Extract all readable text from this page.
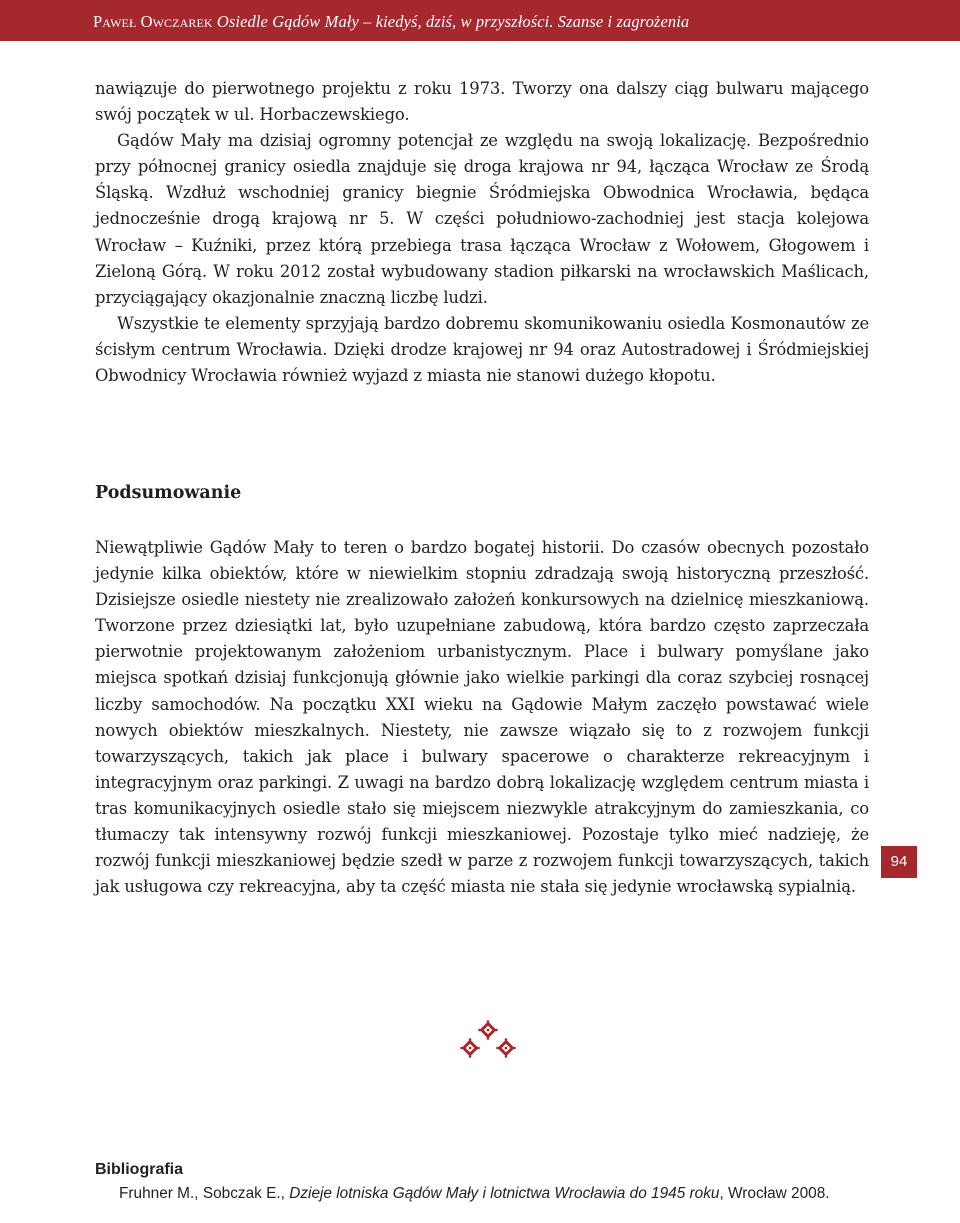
Paweł Owczarek Osiedle Gądów Mały – kiedyś, dziś, w przyszłości. Szanse i zagrożenia

nawiązuje do pierwotnego projektu z roku 1973. Tworzy ona dalszy ciąg bulwaru mającego swój początek w ul. Horbaczewskiego.

Gądów Mały ma dzisiaj ogromny potencjał ze względu na swoją lokalizację. Bezpośrednio przy północnej granicy osiedla znajduje się droga krajowa nr 94, łącząca Wrocław ze Środą Śląską. Wzdłuż wschodniej granicy biegnie Śródmiejska Obwodnica Wrocławia, będąca jednocześnie drogą krajową nr 5. W części południowo-zachodniej jest stacja kolejowa Wrocław – Kuźniki, przez którą przebiega trasa łącząca Wrocław z Wołowem, Głogowem i Zieloną Górą. W roku 2012 został wybudowany stadion piłkarski na wrocławskich Maślicach, przyciągający okazjonalnie znaczną liczbę ludzi.

Wszystkie te elementy sprzyjają bardzo dobremu skomunikowaniu osiedla Kosmonautów ze ścisłym centrum Wrocławia. Dzięki drodze krajowej nr 94 oraz Autostradowej i Śródmiejskiej Obwodnicy Wrocławia również wyjazd z miasta nie stanowi dużego kłopotu.

Podsumowanie

Niewątpliwie Gądów Mały to teren o bardzo bogatej historii. Do czasów obecnych pozostało jedynie kilka obiektów, które w niewielkim stopniu zdradzają swoją historyczną przeszłość. Dzisiejsze osiedle niestety nie zrealizowało założeń konkursowych na dzielnicę mieszkaniową. Tworzone przez dziesiątki lat, było uzupełniane zabudową, która bardzo często zaprzeczała pierwotnie projektowanym założeniom urbanistycznym. Place i bulwary pomyślane jako miejsca spotkań dzisiaj funkcjonują głównie jako wielkie parkingi dla coraz szybciej rosnącej liczby samochodów. Na początku XXI wieku na Gądowie Małym zaczęło powstawać wiele nowych obiektów mieszkalnych. Niestety, nie zawsze wiązało się to z rozwojem funkcji towarzyszących, takich jak place i bulwary spacerowe o charakterze rekreacyjnym i integracyjnym oraz parkingi. Z uwagi na bardzo dobrą lokalizację względem centrum miasta i tras komunikacyjnych osiedle stało się miejscem niezwykle atrakcyjnym do zamieszkania, co tłumaczy tak intensywny rozwój funkcji mieszkaniowej. Pozostaje tylko mieć nadzieję, że rozwój funkcji mieszkaniowej będzie szedł w parze z rozwojem funkcji towarzyszących, takich jak usługowa czy rekreacyjna, aby ta część miasta nie stała się jedynie wrocławską sypialnią.

94
Bibliografia

Fruhner M., Sobczak E., Dzieje lotniska Gądów Mały i lotnictwa Wrocławia do 1945 roku, Wrocław 2008.
